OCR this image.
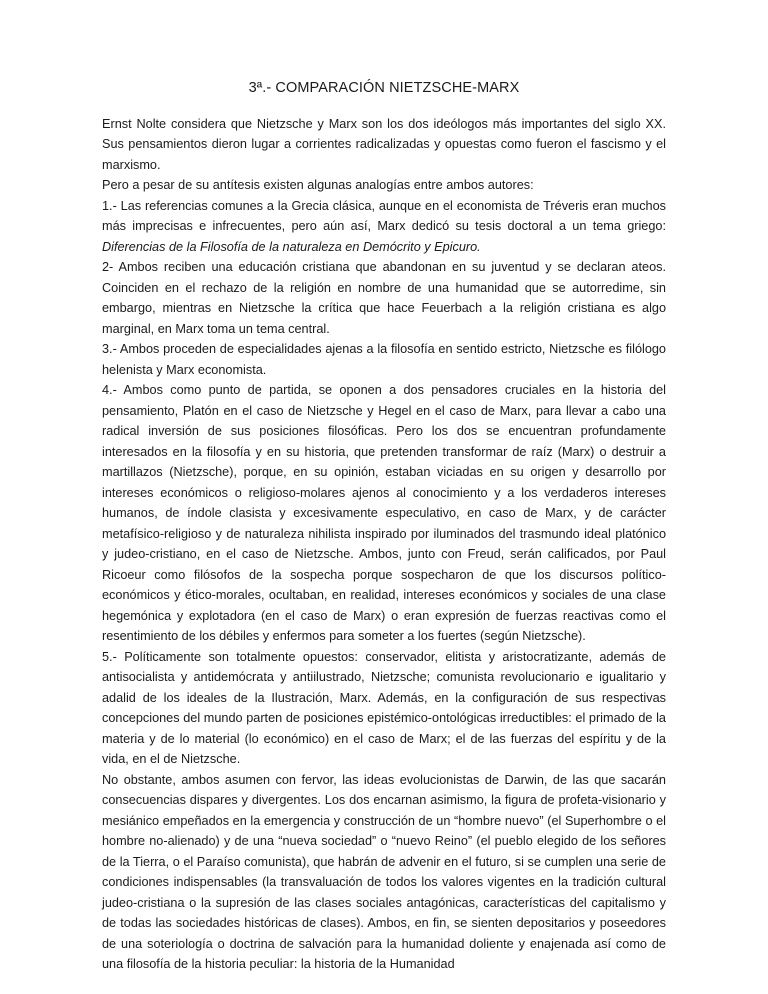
3ª.- COMPARACIÓN NIETZSCHE-MARX

Ernst Nolte considera que Nietzsche y Marx son los dos ideólogos más importantes del siglo XX. Sus pensamientos dieron lugar a corrientes radicalizadas y opuestas como fueron el fascismo y el marxismo.

Pero a pesar de su antítesis existen algunas analogías entre ambos autores:

1.- Las referencias comunes a la Grecia clásica, aunque en el economista de Tréveris eran muchos más imprecisas e infrecuentes, pero aún así, Marx dedicó su tesis doctoral a un tema griego: Diferencias de la Filosofía de la naturaleza en Demócrito y Epicuro.

2- Ambos reciben una educación cristiana que abandonan en su juventud y se declaran ateos. Coinciden en el rechazo de la religión en nombre de una humanidad que se autorredime, sin embargo, mientras en Nietzsche la crítica que hace Feuerbach a la religión cristiana es algo marginal, en Marx toma un tema central.

3.- Ambos proceden de especialidades ajenas a la filosofía en sentido estricto, Nietzsche es filólogo helenista y Marx economista.

4.- Ambos como punto de partida, se oponen a dos pensadores cruciales en la historia del pensamiento, Platón en el caso de Nietzsche y Hegel en el caso de Marx, para llevar a cabo una radical inversión de sus posiciones filosóficas. Pero los dos se encuentran profundamente interesados en la filosofía y en su historia, que pretenden transformar de raíz (Marx) o destruir a martillazos (Nietzsche), porque, en su opinión, estaban viciadas en su origen y desarrollo por intereses económicos o religioso-molares ajenos al conocimiento y a los verdaderos intereses humanos, de índole clasista y excesivamente especulativo, en caso de Marx, y de carácter metafísico-religioso y de naturaleza nihilista inspirado por iluminados del trasmundo ideal platónico y judeo-cristiano, en el caso de Nietzsche. Ambos, junto con Freud, serán calificados, por Paul Ricoeur como filósofos de la sospecha porque sospecharon de que los discursos político-económicos y ético-morales, ocultaban, en realidad, intereses económicos y sociales de una clase hegemónica y explotadora (en el caso de Marx) o eran expresión de fuerzas reactivas como el resentimiento de los débiles y enfermos para someter a los fuertes (según Nietzsche).

5.- Políticamente son totalmente opuestos: conservador, elitista y aristocratizante, además de antisocialista y antidemócrata y antiilustrado, Nietzsche; comunista revolucionario e igualitario y adalid de los ideales de la Ilustración, Marx. Además, en la configuración de sus respectivas concepciones del mundo parten de posiciones epistémico-ontológicas irreductibles: el primado de la materia y de lo material (lo económico) en el caso de Marx; el de las fuerzas del espíritu y de la vida, en el de Nietzsche.

No obstante, ambos asumen con fervor, las ideas evolucionistas de Darwin, de las que sacarán consecuencias dispares y divergentes. Los dos encarnan asimismo, la figura de profeta-visionario y mesiánico empeñados en la emergencia y construcción de un “hombre nuevo” (el Superhombre o el hombre no-alienado) y de una “nueva sociedad” o “nuevo Reino” (el pueblo elegido de los señores de la Tierra, o el Paraíso comunista), que habrán de advenir en el futuro, si se cumplen una serie de condiciones indispensables (la transvaluación de todos los valores vigentes en la tradición cultural judeo-cristiana o la supresión de las clases sociales antagónicas, características del capitalismo y de todas las sociedades históricas de clases). Ambos, en fin, se sienten depositarios y poseedores de una soteriología o doctrina de salvación para la humanidad doliente y enajenada así como de una filosofía de la historia peculiar: la historia de la Humanidad
